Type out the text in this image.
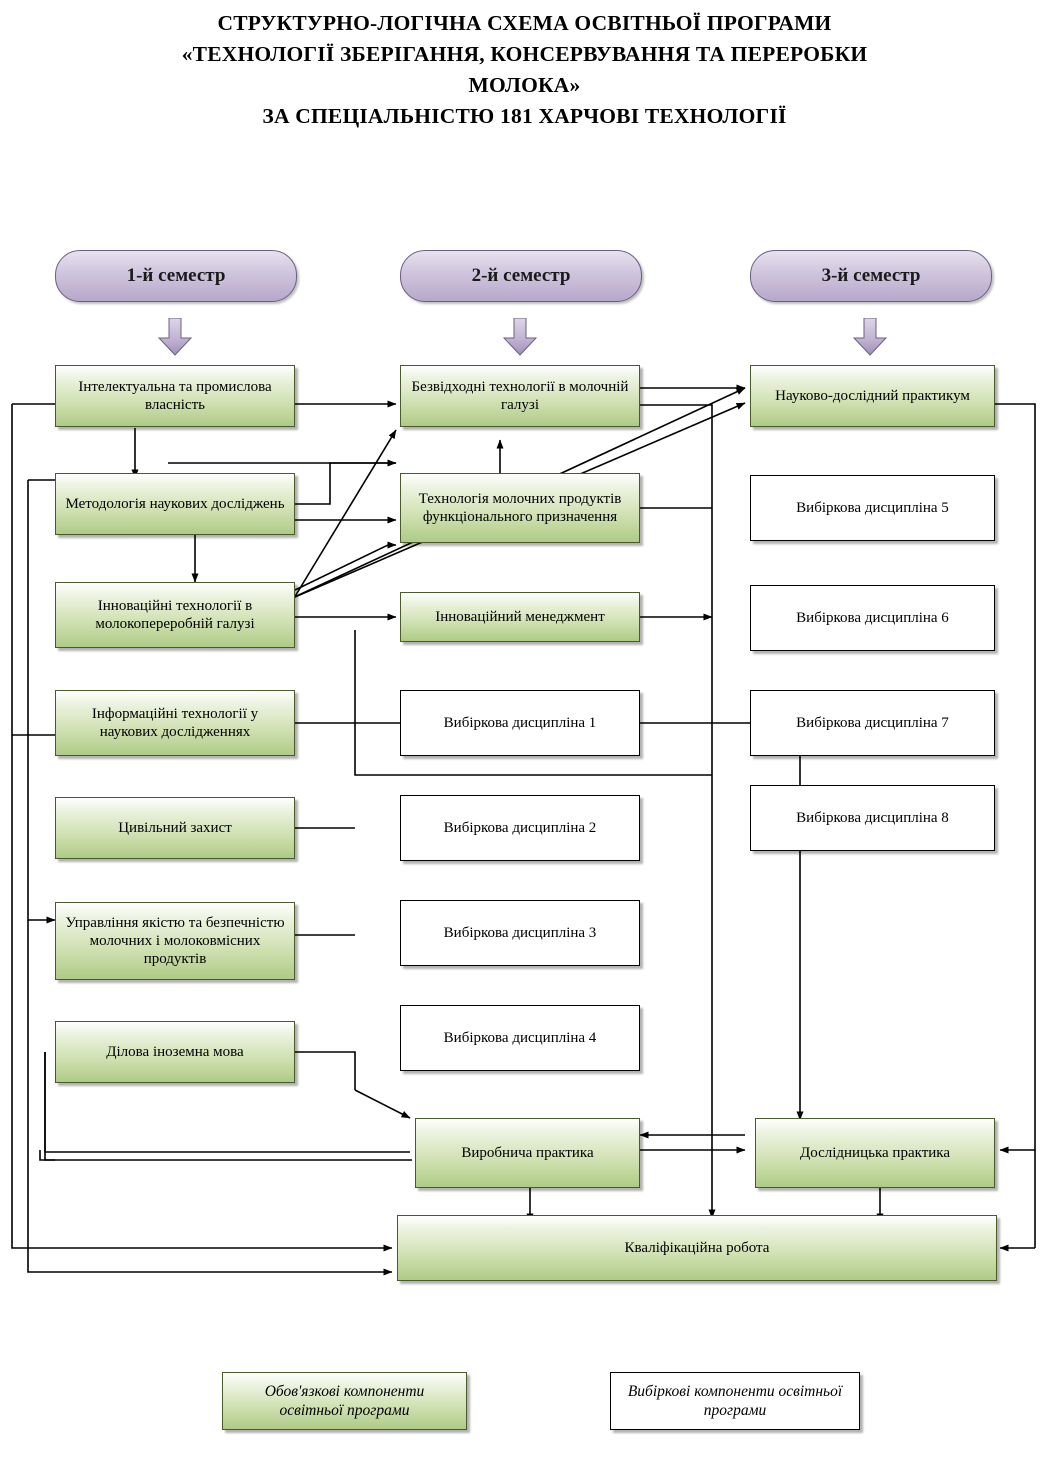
СТРУКТУРНО-ЛОГІЧНА СХЕМА ОСВІТНЬОЇ ПРОГРАМИ
«ТЕХНОЛОГІЇ ЗБЕРІГАННЯ, КОНСЕРВУВАННЯ ТА ПЕРЕРОБКИ
МОЛОКА»
ЗА СПЕЦІАЛЬНІСТЮ 181 ХАРЧОВІ ТЕХНОЛОГІЇ
1-й семестр	2-й семестр	3-й семестр
Інтелектуальна та промислова власність
Методологія наукових досліджень
Інноваційні технології в молокопереробній галузі
Інформаційні технології у наукових дослідженнях
Цивільний захист
Управління якістю та безпечністю молочних і молоковмісних продуктів
Ділова іноземна мова
Безвідходні технології в молочній галузі
Технологія молочних продуктів функціонального призначення
Інноваційний менеджмент
Вибіркова дисципліна 1
Вибіркова дисципліна 2
Вибіркова дисципліна 3
Вибіркова дисципліна 4
Науково-дослідний практикум
Вибіркова дисципліна 5
Вибіркова дисципліна 6
Вибіркова дисципліна 7
Вибіркова дисципліна 8
Виробнича практика	Дослідницька практика
Кваліфікаційна робота
Обов'язкові компоненти освітньої програми
Вибіркові компоненти освітньої програми
